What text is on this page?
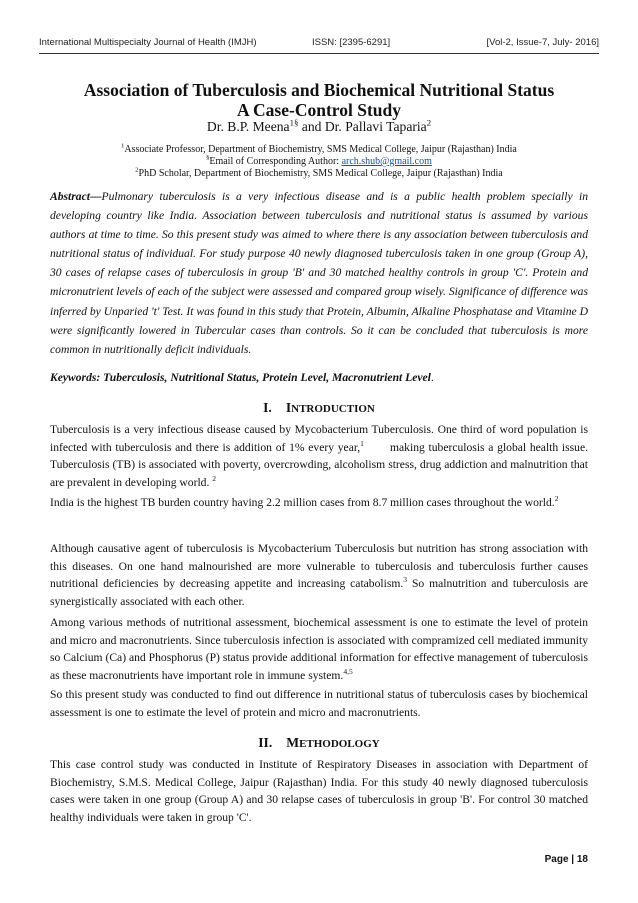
International Multispecialty Journal of Health (IMJH)	ISSN: [2395-6291]	[Vol-2, Issue-7, July- 2016]
Association of Tuberculosis and Biochemical Nutritional Status
A Case-Control Study
Dr. B.P. Meena$^{1\S}$ and Dr. Pallavi Taparia$^2$
$^1$Associate Professor, Department of Biochemistry, SMS Medical College, Jaipur (Rajasthan) India
§Email of Corresponding Author: arch.shub@gmail.com
$^2$PhD Scholar, Department of Biochemistry, SMS Medical College, Jaipur (Rajasthan) India

Abstract—Pulmonary tuberculosis is a very infectious disease and is a public health problem specially in developing country like India. Association between tuberculosis and nutritional status is assumed by various authors at time to time. So this present study was aimed to where there is any association between tuberculosis and nutritional status of individual. For study purpose 40 newly diagnosed tuberculosis taken in one group (Group A), 30 cases of relapse cases of tuberculosis in group 'B' and 30 matched healthy controls in group 'C'. Protein and micronutrient levels of each of the subject were assessed and compared group wisely. Significance of difference was inferred by Unparied 't' Test. It was found in this study that Protein, Albumin, Alkaline Phosphatase and Vitamine D were significantly lowered in Tubercular cases than controls. So it can be concluded that tuberculosis is more common in nutritionally deficit individuals.

Keywords: Tuberculosis, Nutritional Status, Protein Level, Macronutrient Level.

I. INTRODUCTION

Tuberculosis is a very infectious disease caused by Mycobacterium Tuberculosis. One third of word population is infected with tuberculosis and there is addition of 1% every year,$^1$ making tuberculosis a global health issue. Tuberculosis (TB) is associated with poverty, overcrowding, alcoholism stress, drug addiction and malnutrition that are prevalent in developing world. $^2$

India is the highest TB burden country having 2.2 million cases from 8.7 million cases throughout the world.$^2$

Although causative agent of tuberculosis is Mycobacterium Tuberculosis but nutrition has strong association with this diseases. On one hand malnourished are more vulnerable to tuberculosis and tuberculosis further causes nutritional deficiencies by decreasing appetite and increasing catabolism.$^3$ So malnutrition and tuberculosis are synergistically associated with each other.

Among various methods of nutritional assessment, biochemical assessment is one to estimate the level of protein and micro and macronutrients. Since tuberculosis infection is associated with compramized cell mediated immunity so Calcium (Ca) and Phosphorus (P) status provide additional information for effective management of tuberculosis as these macronutrients have important role in immune system.$^{4,5}$

So this present study was conducted to find out difference in nutritional status of tuberculosis cases by biochemical assessment is one to estimate the level of protein and micro and macronutrients.

II. METHODOLOGY

This case control study was conducted in Institute of Respiratory Diseases in association with Department of Biochemistry, S.M.S. Medical College, Jaipur (Rajasthan) India. For this study 40 newly diagnosed tuberculosis cases were taken in one group (Group A) and 30 relapse cases of tuberculosis in group 'B'. For control 30 matched healthy individuals were taken in group 'C'.

Page | 18
